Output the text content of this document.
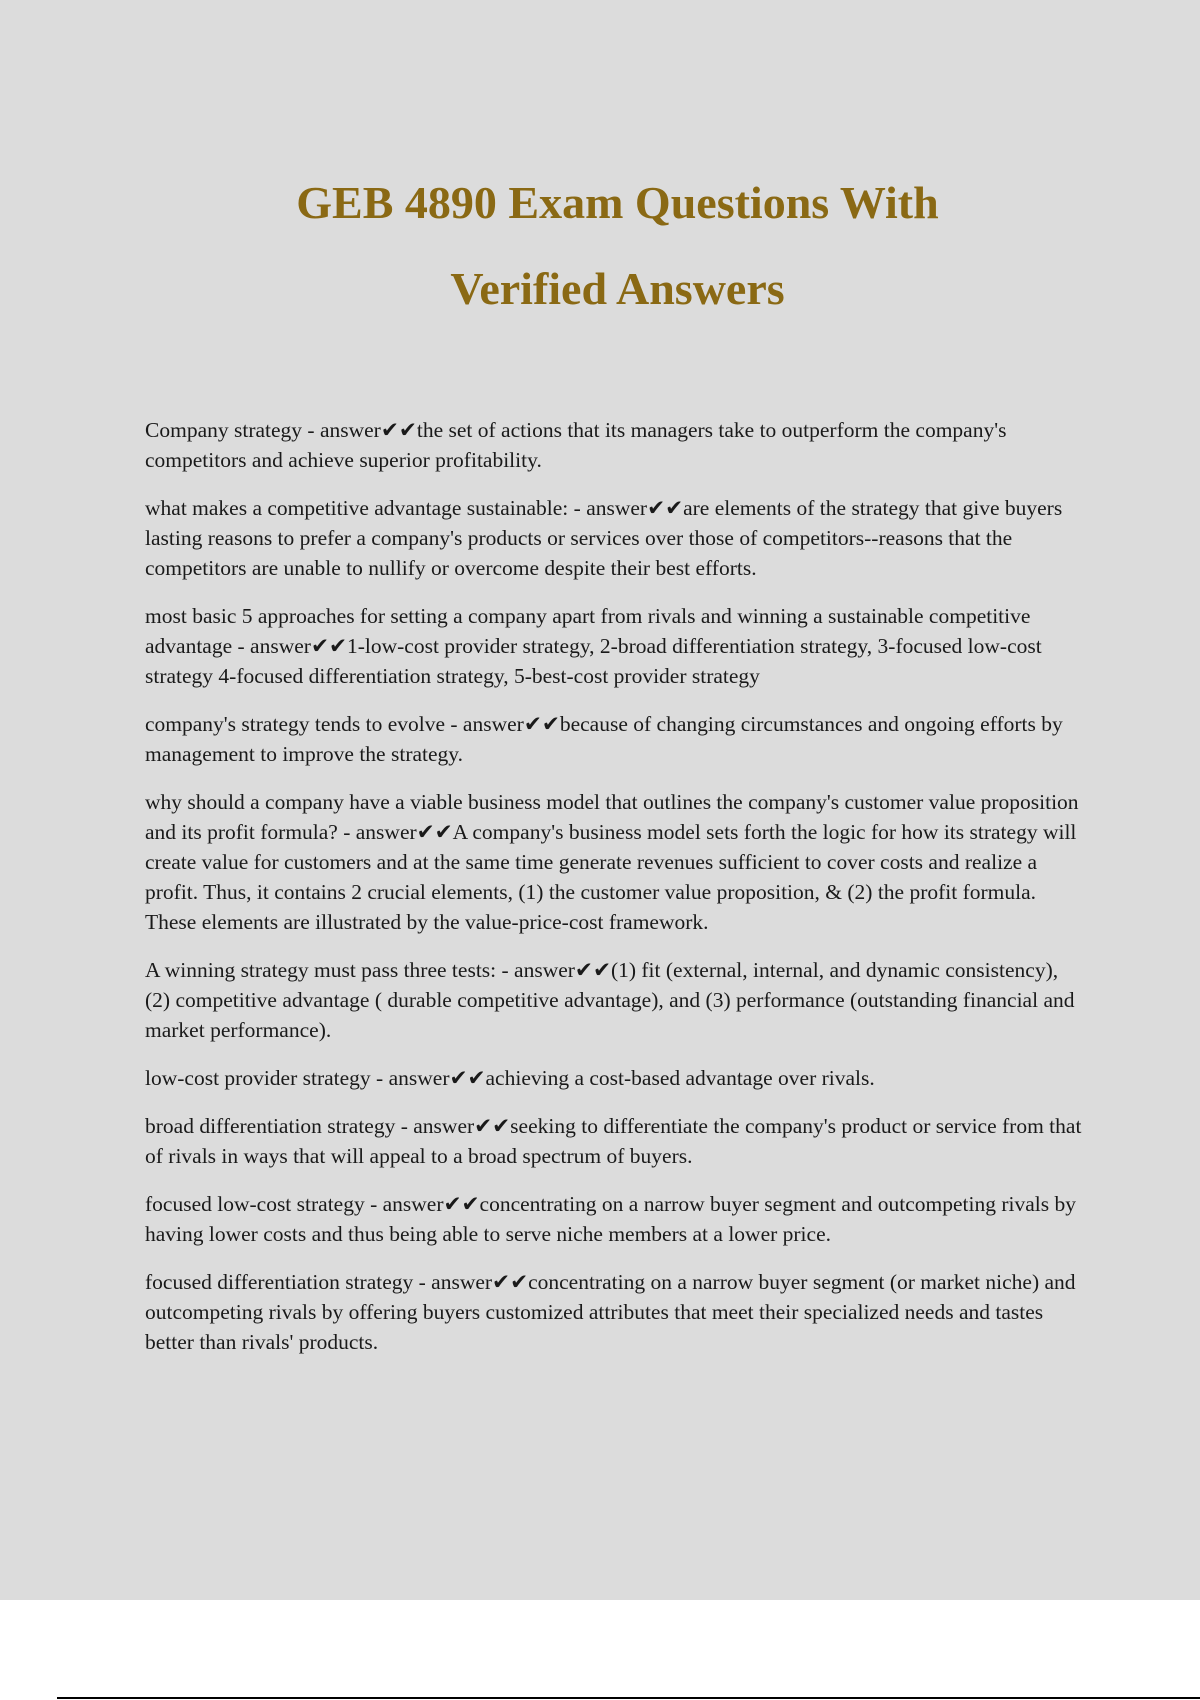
GEB 4890 Exam Questions With
Verified Answers

Company strategy - answer✔✔the set of actions that its managers take to outperform the company's competitors and achieve superior profitability.

what makes a competitive advantage sustainable: - answer✔✔are elements of the strategy that give buyers lasting reasons to prefer a company's products or services over those of competitors--reasons that the competitors are unable to nullify or overcome despite their best efforts.

most basic 5 approaches for setting a company apart from rivals and winning a sustainable competitive advantage - answer✔✔1-low-cost provider strategy, 2-broad differentiation strategy, 3-focused low-cost strategy 4-focused differentiation strategy, 5-best-cost provider strategy

company's strategy tends to evolve - answer✔✔because of changing circumstances and ongoing efforts by management to improve the strategy.

why should a company have a viable business model that outlines the company's customer value proposition and its profit formula? - answer✔✔A company's business model sets forth the logic for how its strategy will create value for customers and at the same time generate revenues sufficient to cover costs and realize a profit. Thus, it contains 2 crucial elements, (1) the customer value proposition, & (2) the profit formula. These elements are illustrated by the value-price-cost framework.

A winning strategy must pass three tests: - answer✔✔(1) fit (external, internal, and dynamic consistency), (2) competitive advantage ( durable competitive advantage), and (3) performance (outstanding financial and market performance).

low-cost provider strategy - answer✔✔achieving a cost-based advantage over rivals.

broad differentiation strategy - answer✔✔seeking to differentiate the company's product or service from that of rivals in ways that will appeal to a broad spectrum of buyers.

focused low-cost strategy - answer✔✔concentrating on a narrow buyer segment and outcompeting rivals by having lower costs and thus being able to serve niche members at a lower price.

focused differentiation strategy - answer✔✔concentrating on a narrow buyer segment (or market niche) and outcompeting rivals by offering buyers customized attributes that meet their specialized needs and tastes better than rivals' products.
